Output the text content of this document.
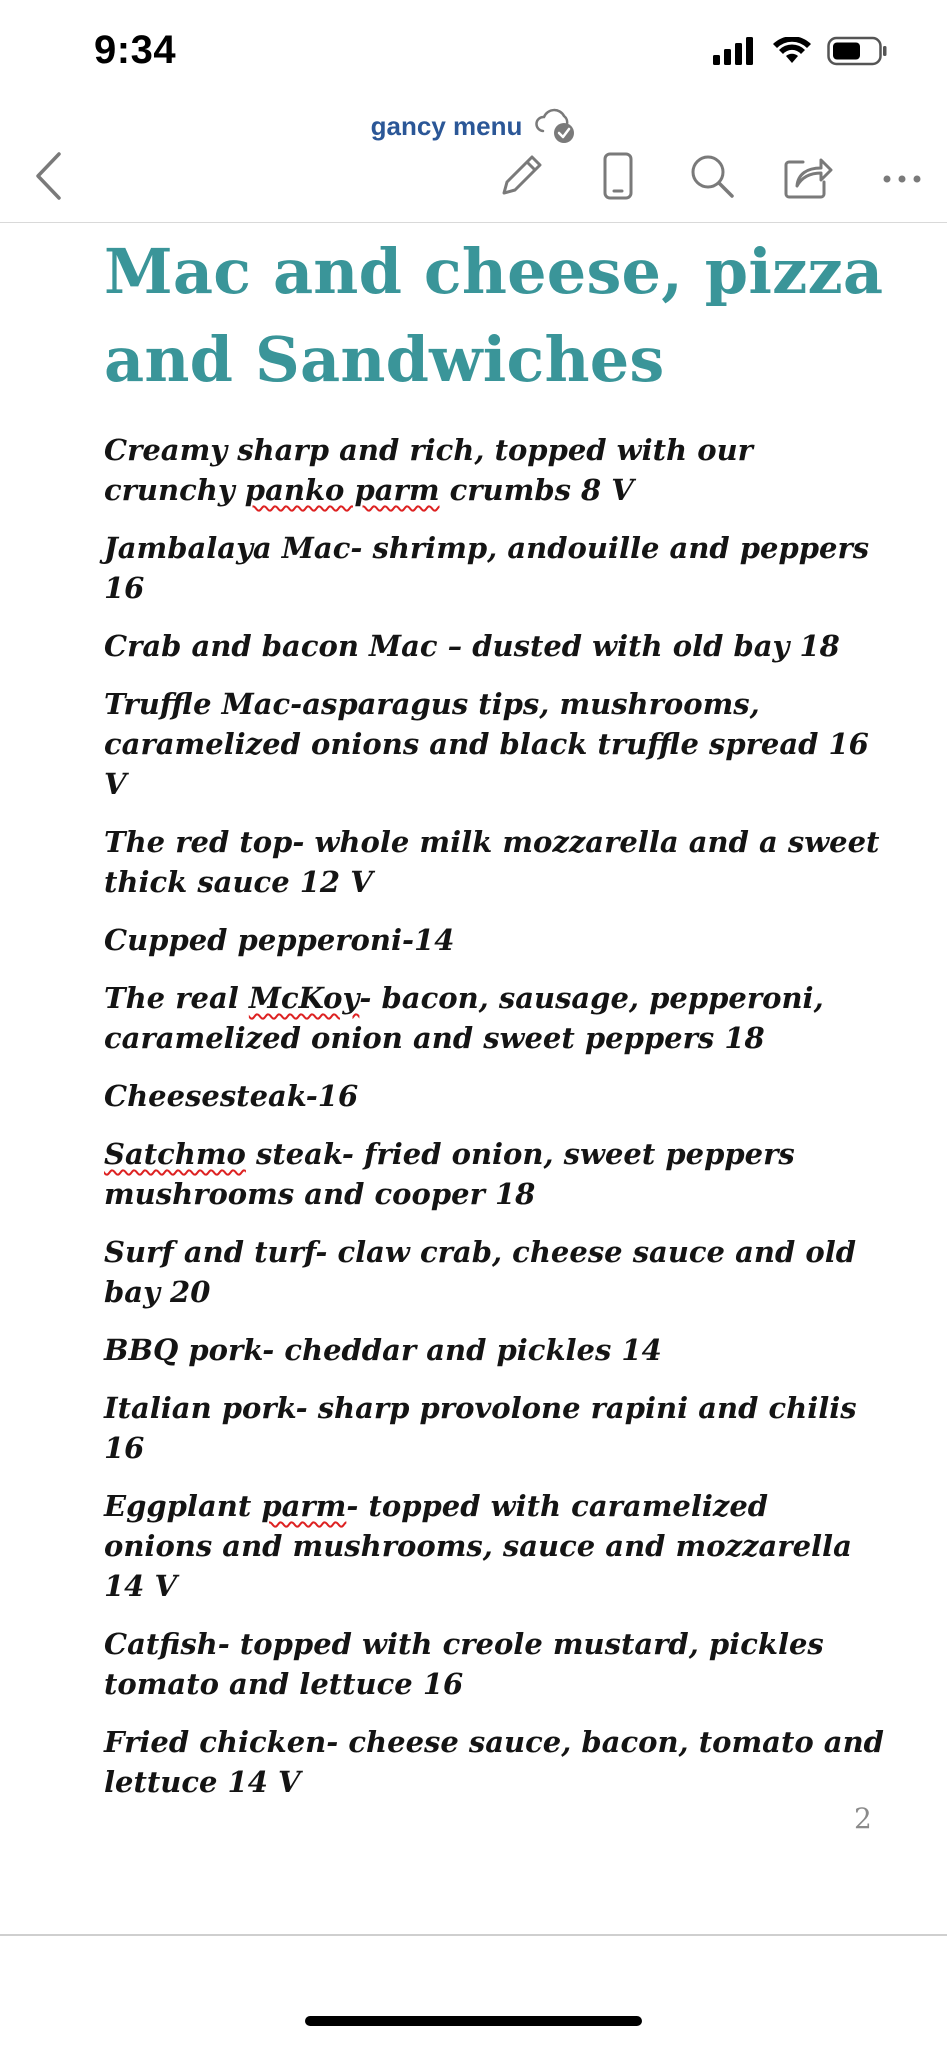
9:34
gancy menu
Mac and cheese, pizza
and Sandwiches

Creamy sharp and rich, topped with our crunchy panko parm crumbs 8 V

Jambalaya Mac- shrimp, andouille and peppers 16

Crab and bacon Mac – dusted with old bay 18

Truffle Mac-asparagus tips, mushrooms, caramelized onions and black truffle spread 16 V

The red top- whole milk mozzarella and a sweet thick sauce 12 V

Cupped pepperoni-14

The real McKoy- bacon, sausage, pepperoni, caramelized onion and sweet peppers 18

Cheesesteak-16

Satchmo steak- fried onion, sweet peppers mushrooms and cooper 18

Surf and turf- claw crab, cheese sauce and old bay 20

BBQ pork- cheddar and pickles 14

Italian pork- sharp provolone rapini and chilis 16

Eggplant parm- topped with caramelized onions and mushrooms, sauce and mozzarella 14 V

Catfish- topped with creole mustard, pickles tomato and lettuce 16

Fried chicken- cheese sauce, bacon, tomato and lettuce 14 V

2
